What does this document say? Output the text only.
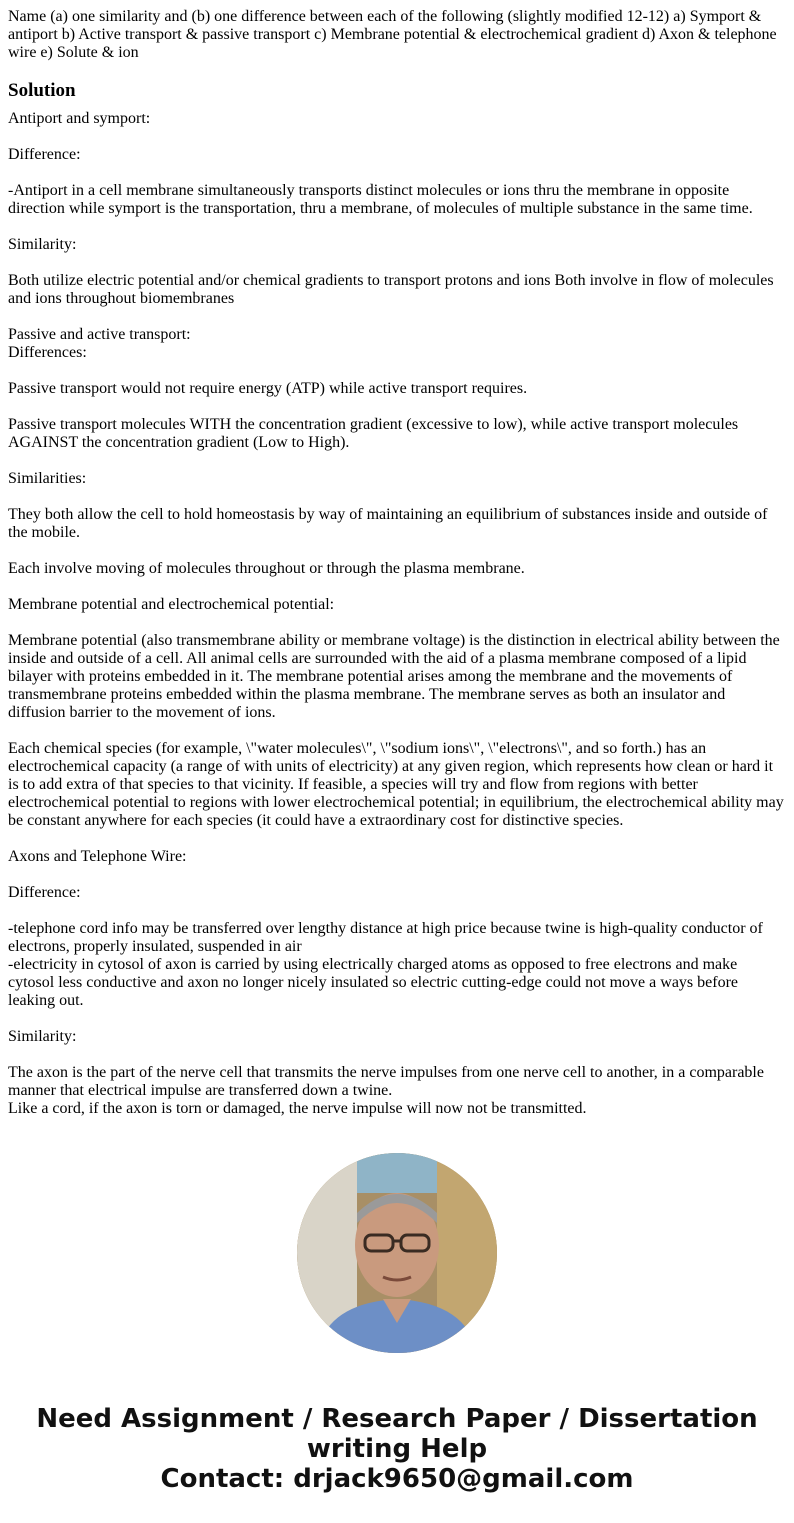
Name (a) one similarity and (b) one difference between each of the following (slightly modified 12-12) a) Symport & antiport b) Active transport & passive transport c) Membrane potential & electrochemical gradient d) Axon & telephone wire e) Solute & ion

Solution

Antiport and symport:

Difference:

-Antiport in a cell membrane simultaneously transports distinct molecules or ions thru the membrane in opposite direction while symport is the transportation, thru a membrane, of molecules of multiple substance in the same time.

Similarity:

Both utilize electric potential and/or chemical gradients to transport protons and ions Both involve in flow of molecules and ions throughout biomembranes

Passive and active transport:

Differences:

Passive transport would not require energy (ATP) while active transport requires.

Passive transport molecules WITH the concentration gradient (excessive to low), while active transport molecules AGAINST the concentration gradient (Low to High).

Similarities:

They both allow the cell to hold homeostasis by way of maintaining an equilibrium of substances inside and outside of the mobile.

Each involve moving of molecules throughout or through the plasma membrane.

Membrane potential and electrochemical potential:

Membrane potential (also transmembrane ability or membrane voltage) is the distinction in electrical ability between the inside and outside of a cell. All animal cells are surrounded with the aid of a plasma membrane composed of a lipid bilayer with proteins embedded in it. The membrane potential arises among the membrane and the movements of transmembrane proteins embedded within the plasma membrane. The membrane serves as both an insulator and diffusion barrier to the movement of ions.

Each chemical species (for example, \"water molecules\", \"sodium ions\", \"electrons\", and so forth.) has an electrochemical capacity (a range of with units of electricity) at any given region, which represents how clean or hard it is to add extra of that species to that vicinity. If feasible, a species will try and flow from regions with better electrochemical potential to regions with lower electrochemical potential; in equilibrium, the electrochemical ability may be constant anywhere for each species (it could have a extraordinary cost for distinctive species.

Axons and Telephone Wire:

Difference:

-telephone cord info may be transferred over lengthy distance at high price because twine is high-quality conductor of electrons, properly insulated, suspended in air

-electricity in cytosol of axon is carried by using electrically charged atoms as opposed to free electrons and make cytosol less conductive and axon no longer nicely insulated so electric cutting-edge could not move a ways before leaking out.

Similarity:

The axon is the part of the nerve cell that transmits the nerve impulses from one nerve cell to another, in a comparable manner that electrical impulse are transferred down a twine.

Like a cord, if the axon is torn or damaged, the nerve impulse will now not be transmitted.

Need Assignment / Research Paper / Dissertation
writing Help
Contact: drjack9650@gmail.com
